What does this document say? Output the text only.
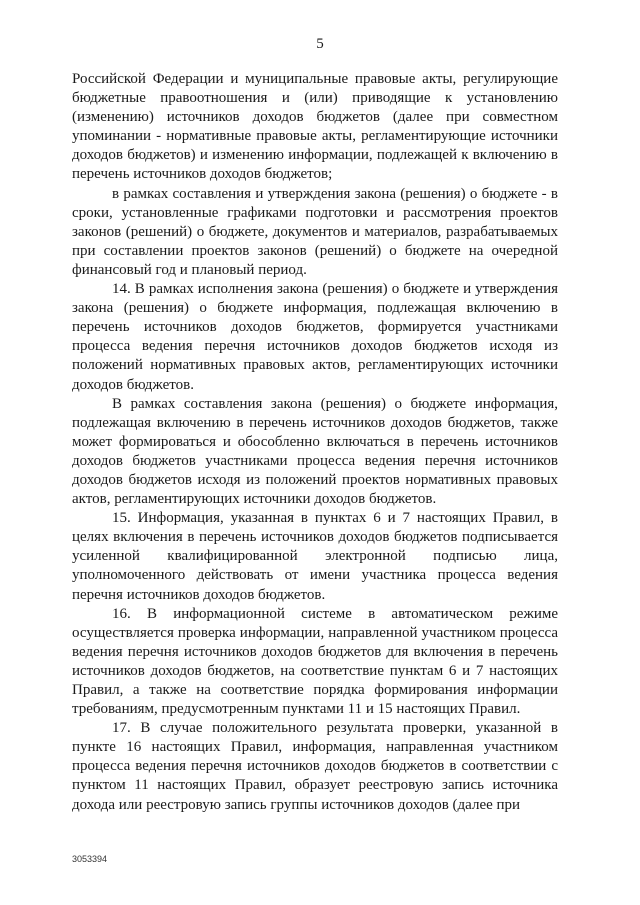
5

Российской Федерации и муниципальные правовые акты, регулирующие бюджетные правоотношения и (или) приводящие к установлению (изменению) источников доходов бюджетов (далее при совместном упоминании - нормативные правовые акты, регламентирующие источники доходов бюджетов) и изменению информации, подлежащей к включению в перечень источников доходов бюджетов;

в рамках составления и утверждения закона (решения) о бюджете - в сроки, установленные графиками подготовки и рассмотрения проектов законов (решений) о бюджете, документов и материалов, разрабатываемых при составлении проектов законов (решений) о бюджете на очередной финансовый год и плановый период.

14. В рамках исполнения закона (решения) о бюджете и утверждения закона (решения) о бюджете информация, подлежащая включению в перечень источников доходов бюджетов, формируется участниками процесса ведения перечня источников доходов бюджетов исходя из положений нормативных правовых актов, регламентирующих источники доходов бюджетов.

В рамках составления закона (решения) о бюджете информация, подлежащая включению в перечень источников доходов бюджетов, также может формироваться и обособленно включаться в перечень источников доходов бюджетов участниками процесса ведения перечня источников доходов бюджетов исходя из положений проектов нормативных правовых актов, регламентирующих источники доходов бюджетов.

15. Информация, указанная в пунктах 6 и 7 настоящих Правил, в целях включения в перечень источников доходов бюджетов подписывается усиленной квалифицированной электронной подписью лица, уполномоченного действовать от имени участника процесса ведения перечня источников доходов бюджетов.

16. В информационной системе в автоматическом режиме осуществляется проверка информации, направленной участником процесса ведения перечня источников доходов бюджетов для включения в перечень источников доходов бюджетов, на соответствие пунктам 6 и 7 настоящих Правил, а также на соответствие порядка формирования информации требованиям, предусмотренным пунктами 11 и 15 настоящих Правил.

17. В случае положительного результата проверки, указанной в пункте 16 настоящих Правил, информация, направленная участником процесса ведения перечня источников доходов бюджетов в соответствии с пунктом 11 настоящих Правил, образует реестровую запись источника дохода или реестровую запись группы источников доходов (далее при

3053394
